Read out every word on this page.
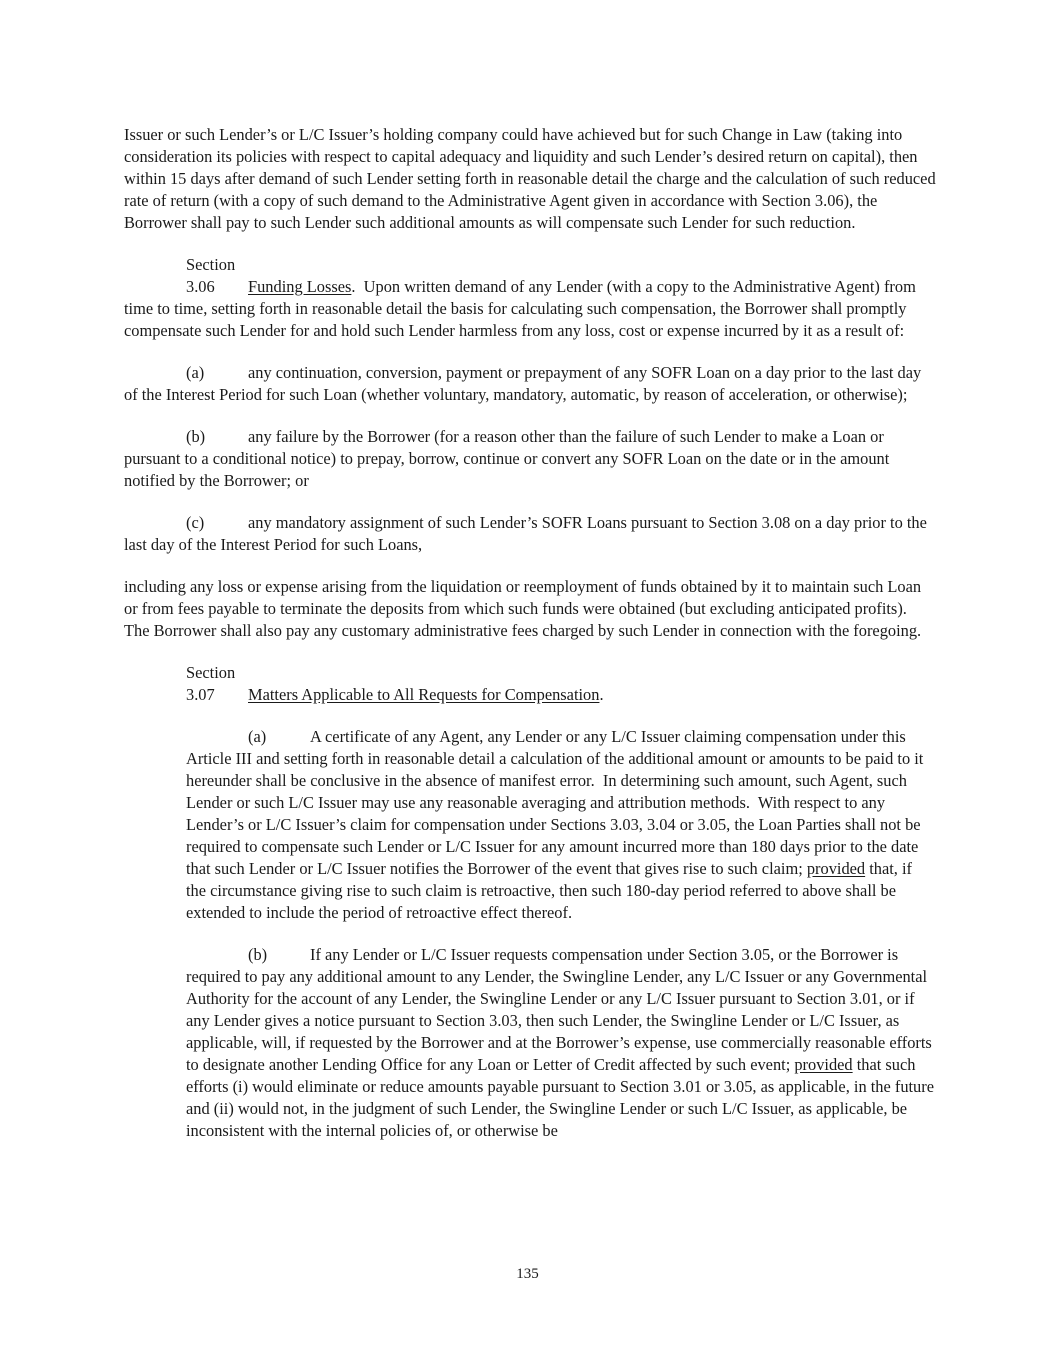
Issuer or such Lender’s or L/C Issuer’s holding company could have achieved but for such Change in Law (taking into consideration its policies with respect to capital adequacy and liquidity and such Lender’s desired return on capital), then within 15 days after demand of such Lender setting forth in reasonable detail the charge and the calculation of such reduced rate of return (with a copy of such demand to the Administrative Agent given in accordance with Section 3.06), the Borrower shall pay to such Lender such additional amounts as will compensate such Lender for such reduction.

Section 3.06 Funding Losses.  Upon written demand of any Lender (with a copy to the Administrative Agent) from time to time, setting forth in reasonable detail the basis for calculating such compensation, the Borrower shall promptly compensate such Lender for and hold such Lender harmless from any loss, cost or expense incurred by it as a result of:

(a)	any continuation, conversion, payment or prepayment of any SOFR Loan on a day prior to the last day of the Interest Period for such Loan (whether voluntary, mandatory, automatic, by reason of acceleration, or otherwise);

(b)	any failure by the Borrower (for a reason other than the failure of such Lender to make a Loan or pursuant to a conditional notice) to prepay, borrow, continue or convert any SOFR Loan on the date or in the amount notified by the Borrower; or

(c)	any mandatory assignment of such Lender’s SOFR Loans pursuant to Section 3.08 on a day prior to the last day of the Interest Period for such Loans,

including any loss or expense arising from the liquidation or reemployment of funds obtained by it to maintain such Loan or from fees payable to terminate the deposits from which such funds were obtained (but excluding anticipated profits).  The Borrower shall also pay any customary administrative fees charged by such Lender in connection with the foregoing.

Section 3.07 Matters Applicable to All Requests for Compensation.

(a)	A certificate of any Agent, any Lender or any L/C Issuer claiming compensation under this Article III and setting forth in reasonable detail a calculation of the additional amount or amounts to be paid to it hereunder shall be conclusive in the absence of manifest error.  In determining such amount, such Agent, such Lender or such L/C Issuer may use any reasonable averaging and attribution methods.  With respect to any Lender’s or L/C Issuer’s claim for compensation under Sections 3.03, 3.04 or 3.05, the Loan Parties shall not be required to compensate such Lender or L/C Issuer for any amount incurred more than 180 days prior to the date that such Lender or L/C Issuer notifies the Borrower of the event that gives rise to such claim; provided that, if the circumstance giving rise to such claim is retroactive, then such 180-day period referred to above shall be extended to include the period of retroactive effect thereof.

(b)	If any Lender or L/C Issuer requests compensation under Section 3.05, or the Borrower is required to pay any additional amount to any Lender, the Swingline Lender, any L/C Issuer or any Governmental Authority for the account of any Lender, the Swingline Lender or any L/C Issuer pursuant to Section 3.01, or if any Lender gives a notice pursuant to Section 3.03, then such Lender, the Swingline Lender or L/C Issuer, as applicable, will, if requested by the Borrower and at the Borrower’s expense, use commercially reasonable efforts to designate another Lending Office for any Loan or Letter of Credit affected by such event; provided that such efforts (i) would eliminate or reduce amounts payable pursuant to Section 3.01 or 3.05, as applicable, in the future and (ii) would not, in the judgment of such Lender, the Swingline Lender or such L/C Issuer, as applicable, be inconsistent with the internal policies of, or otherwise be

135
